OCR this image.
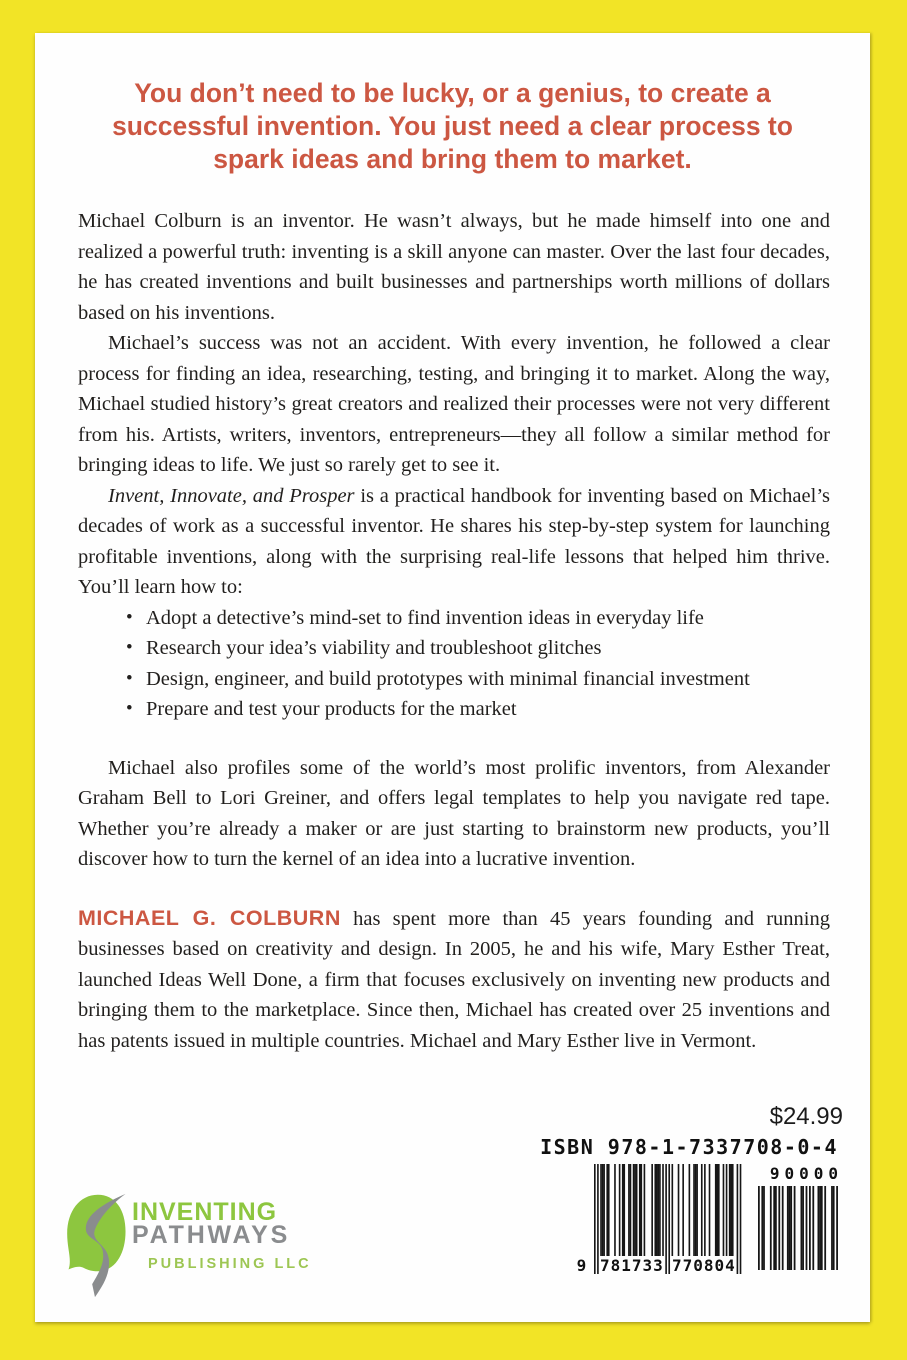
You don’t need to be lucky, or a genius, to create a successful invention. You just need a clear process to spark ideas and bring them to market.

Michael Colburn is an inventor. He wasn’t always, but he made himself into one and realized a powerful truth: inventing is a skill anyone can master. Over the last four decades, he has created inventions and built businesses and partnerships worth millions of dollars based on his inventions.

Michael’s success was not an accident. With every invention, he followed a clear process for finding an idea, researching, testing, and bringing it to market. Along the way, Michael studied history’s great creators and realized their processes were not very different from his. Artists, writers, inventors, entrepreneurs—they all follow a similar method for bringing ideas to life. We just so rarely get to see it.

Invent, Innovate, and Prosper is a practical handbook for inventing based on Michael’s decades of work as a successful inventor. He shares his step-by-step system for launching profitable inventions, along with the surprising real-life lessons that helped him thrive. You’ll learn how to:

• Adopt a detective’s mind-set to find invention ideas in everyday life
• Research your idea’s viability and troubleshoot glitches
• Design, engineer, and build prototypes with minimal financial investment
• Prepare and test your products for the market

Michael also profiles some of the world’s most prolific inventors, from Alexander Graham Bell to Lori Greiner, and offers legal templates to help you navigate red tape. Whether you’re already a maker or are just starting to brainstorm new products, you’ll discover how to turn the kernel of an idea into a lucrative invention.

MICHAEL G. COLBURN has spent more than 45 years founding and running businesses based on creativity and design. In 2005, he and his wife, Mary Esther Treat, launched Ideas Well Done, a firm that focuses exclusively on inventing new products and bringing them to the marketplace. Since then, Michael has created over 25 inventions and has patents issued in multiple countries. Michael and Mary Esther live in Vermont.

$24.99
ISBN 978-1-7337708-0-4
9 781733 770804
90000
INVENTING
PATHWAYS
PUBLISHING LLC
